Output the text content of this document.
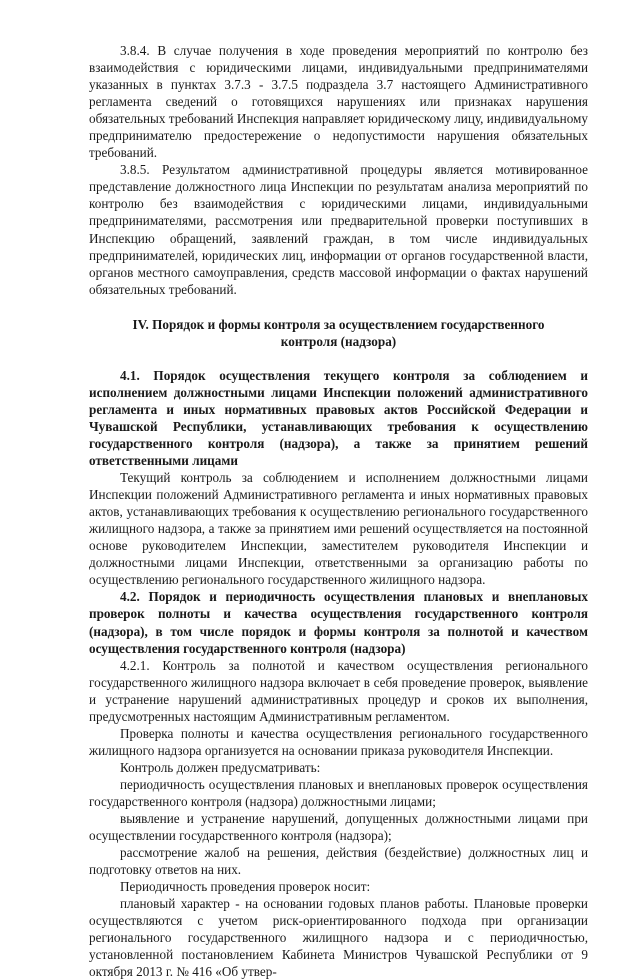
3.8.4. В случае получения в ходе проведения мероприятий по контролю без взаимодействия с юридическими лицами, индивидуальными предпринимателями указанных в пунктах 3.7.3 - 3.7.5 подраздела 3.7 настоящего Административного регламента сведений о готовящихся нарушениях или признаках нарушения обязательных требований Инспекция направляет юридическому лицу, индивидуальному предпринимателю предостережение о недопустимости нарушения обязательных требований.

3.8.5. Результатом административной процедуры является мотивированное представление должностного лица Инспекции по результатам анализа мероприятий по контролю без взаимодействия с юридическими лицами, индивидуальными предпринимателями, рассмотрения или предварительной проверки поступивших в Инспекцию обращений, заявлений граждан, в том числе индивидуальных предпринимателей, юридических лиц, информации от органов государственной власти, органов местного самоуправления, средств массовой информации о фактах нарушений обязательных требований.

IV. Порядок и формы контроля за осуществлением государственного контроля (надзора)

4.1. Порядок осуществления текущего контроля за соблюдением и исполнением должностными лицами Инспекции положений административного регламента и иных нормативных правовых актов Российской Федерации и Чувашской Республики, устанавливающих требования к осуществлению государственного контроля (надзора), а также за принятием решений ответственными лицами

Текущий контроль за соблюдением и исполнением должностными лицами Инспекции положений Административного регламента и иных нормативных правовых актов, устанавливающих требования к осуществлению регионального государственного жилищного надзора, а также за принятием ими решений осуществляется на постоянной основе руководителем Инспекции, заместителем руководителя Инспекции и должностными лицами Инспекции, ответственными за организацию работы по осуществлению регионального государственного жилищного надзора.

4.2. Порядок и периодичность осуществления плановых и внеплановых проверок полноты и качества осуществления государственного контроля (надзора), в том числе порядок и формы контроля за полнотой и качеством осуществления государственного контроля (надзора)

4.2.1. Контроль за полнотой и качеством осуществления регионального государственного жилищного надзора включает в себя проведение проверок, выявление и устранение нарушений административных процедур и сроков их выполнения, предусмотренных настоящим Административным регламентом.

Проверка полноты и качества осуществления регионального государственного жилищного надзора организуется на основании приказа руководителя Инспекции.

Контроль должен предусматривать:

периодичность осуществления плановых и внеплановых проверок осуществления государственного контроля (надзора) должностными лицами;

выявление и устранение нарушений, допущенных должностными лицами при осуществлении государственного контроля (надзора);

рассмотрение жалоб на решения, действия (бездействие) должностных лиц и подготовку ответов на них.

Периодичность проведения проверок носит:

плановый характер - на основании годовых планов работы. Плановые проверки осуществляются с учетом риск-ориентированного подхода при организации регионального государственного жилищного надзора и с периодичностью, установленной постановлением Кабинета Министров Чувашской Республики от 9 октября 2013 г. № 416 «Об утвер-
